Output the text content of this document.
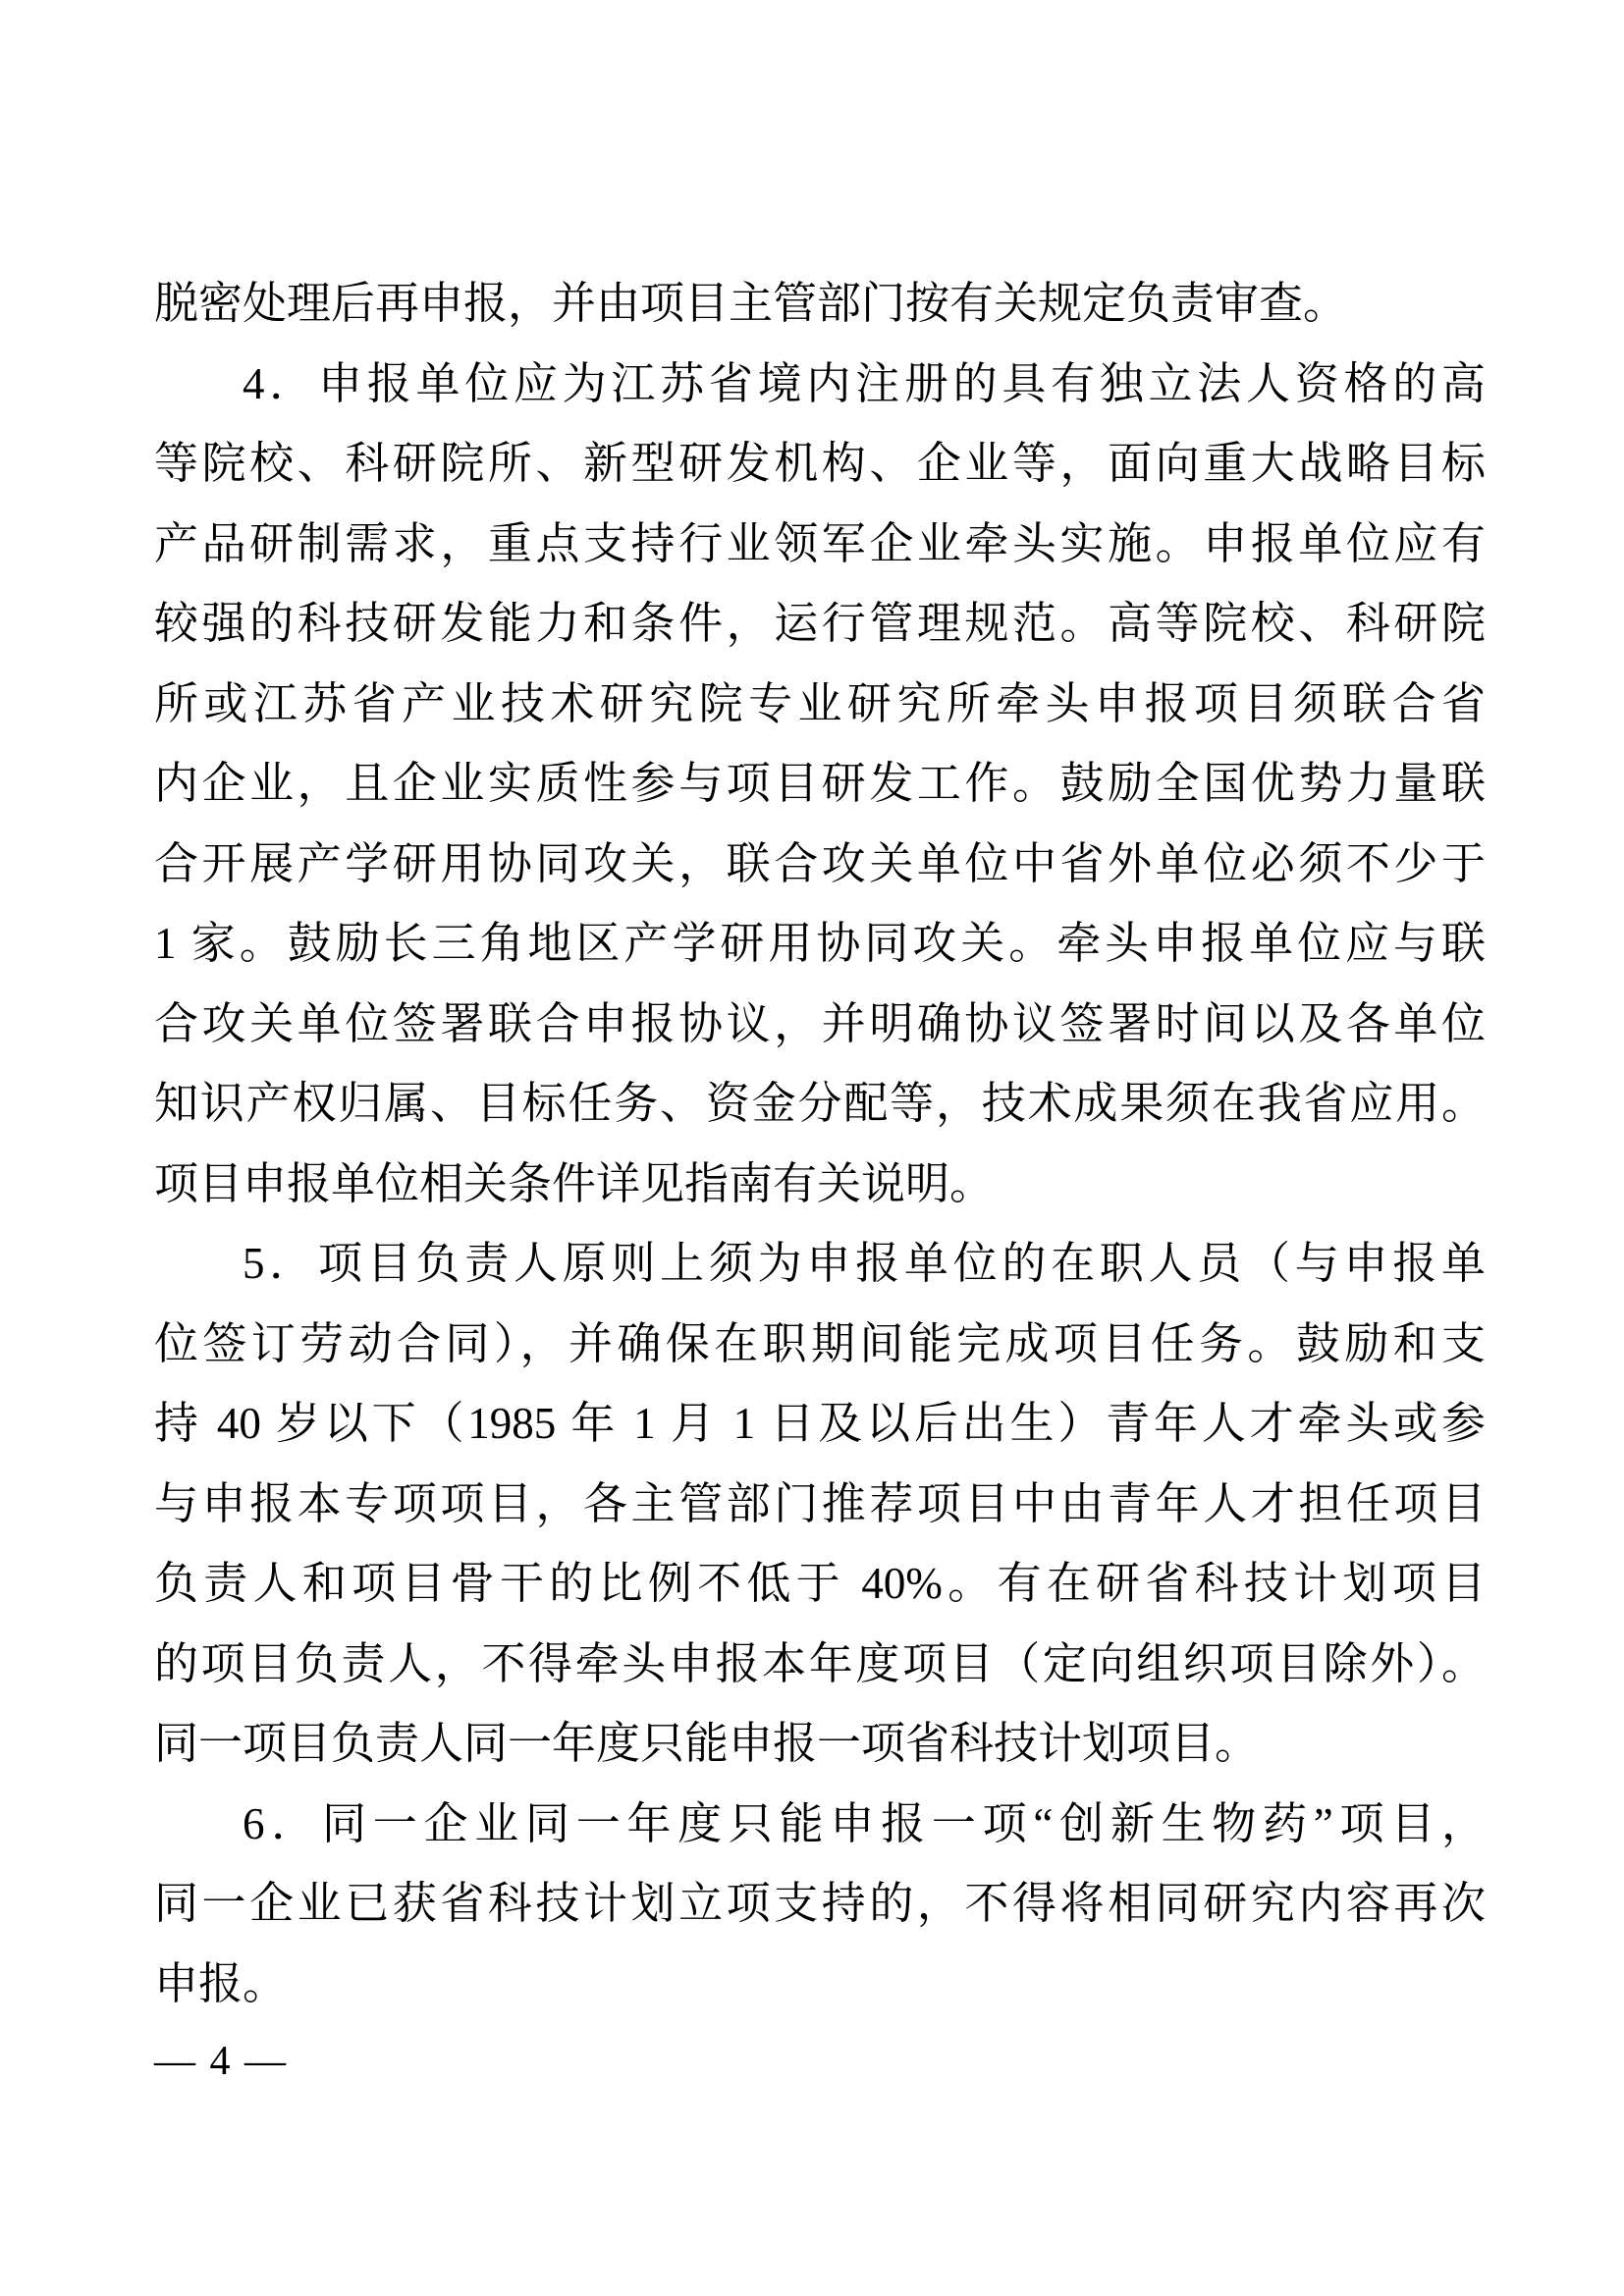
脱密处理后再申报，并由项目主管部门按有关规定负责审查。
4．申报单位应为江苏省境内注册的具有独立法人资格的高
等院校、科研院所、新型研发机构、企业等，面向重大战略目标
产品研制需求，重点支持行业领军企业牵头实施。申报单位应有
较强的科技研发能力和条件，运行管理规范。高等院校、科研院
所或江苏省产业技术研究院专业研究所牵头申报项目须联合省
内企业，且企业实质性参与项目研发工作。鼓励全国优势力量联
合开展产学研用协同攻关，联合攻关单位中省外单位必须不少于
1 家。鼓励长三角地区产学研用协同攻关。牵头申报单位应与联
合攻关单位签署联合申报协议，并明确协议签署时间以及各单位
知识产权归属、目标任务、资金分配等，技术成果须在我省应用。
项目申报单位相关条件详见指南有关说明。
5．项目负责人原则上须为申报单位的在职人员（与申报单
位签订劳动合同），并确保在职期间能完成项目任务。鼓励和支
持 40 岁以下（1985 年 1 月 1 日及以后出生）青年人才牵头或参
与申报本专项项目，各主管部门推荐项目中由青年人才担任项目
负责人和项目骨干的比例不低于 40%。有在研省科技计划项目
的项目负责人，不得牵头申报本年度项目（定向组织项目除外）。
同一项目负责人同一年度只能申报一项省科技计划项目。
6．同一企业同一年度只能申报一项“创新生物药”项目，
同一企业已获省科技计划立项支持的，不得将相同研究内容再次
申报。
— 4 —
